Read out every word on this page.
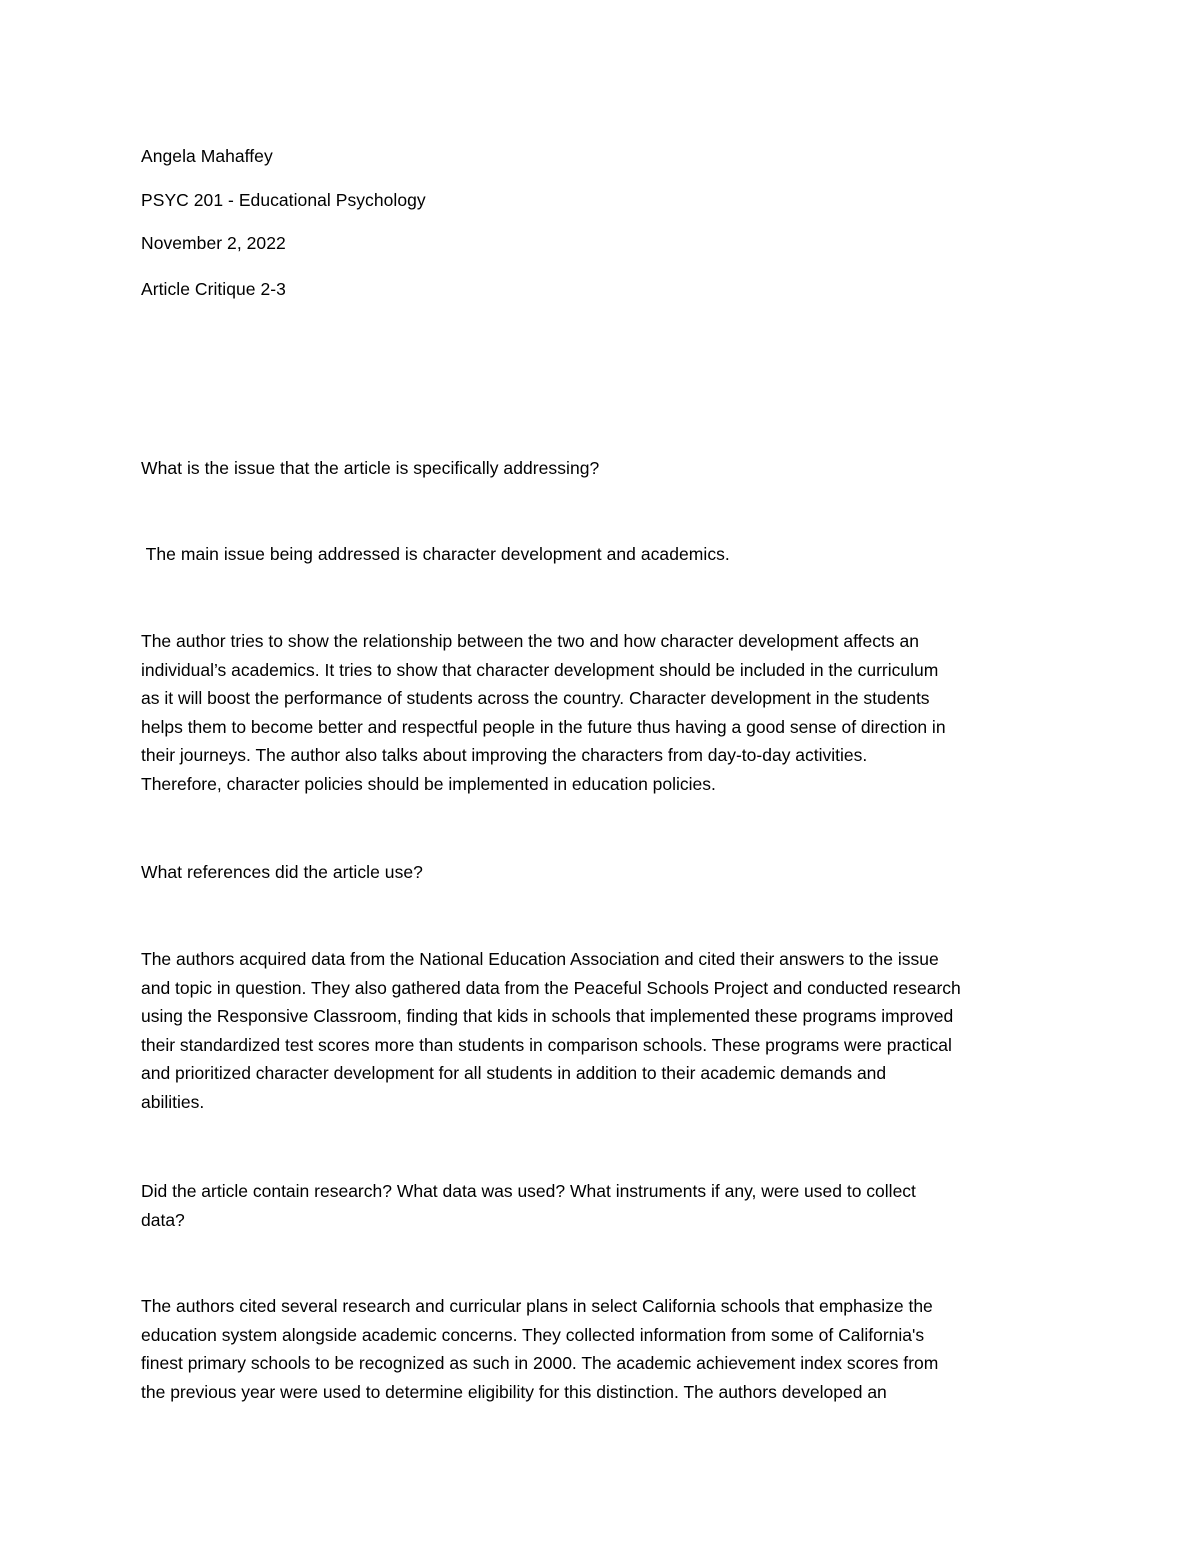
Angela Mahaffey
PSYC 201 - Educational Psychology
November 2, 2022
Article Critique 2-3
What is the issue that the article is specifically addressing?
The main issue being addressed is character development and academics.
The author tries to show the relationship between the two and how character development affects an
individual’s academics. It tries to show that character development should be included in the curriculum
as it will boost the performance of students across the country. Character development in the students
helps them to become better and respectful people in the future thus having a good sense of direction in
their journeys. The author also talks about improving the characters from day-to-day activities.
Therefore, character policies should be implemented in education policies.
What references did the article use?
The authors acquired data from the National Education Association and cited their answers to the issue
and topic in question. They also gathered data from the Peaceful Schools Project and conducted research
using the Responsive Classroom, finding that kids in schools that implemented these programs improved
their standardized test scores more than students in comparison schools. These programs were practical
and prioritized character development for all students in addition to their academic demands and
abilities.
Did the article contain research? What data was used? What instruments if any, were used to collect
data?
The authors cited several research and curricular plans in select California schools that emphasize the
education system alongside academic concerns. They collected information from some of California's
finest primary schools to be recognized as such in 2000. The academic achievement index scores from
the previous year were used to determine eligibility for this distinction. The authors developed an
